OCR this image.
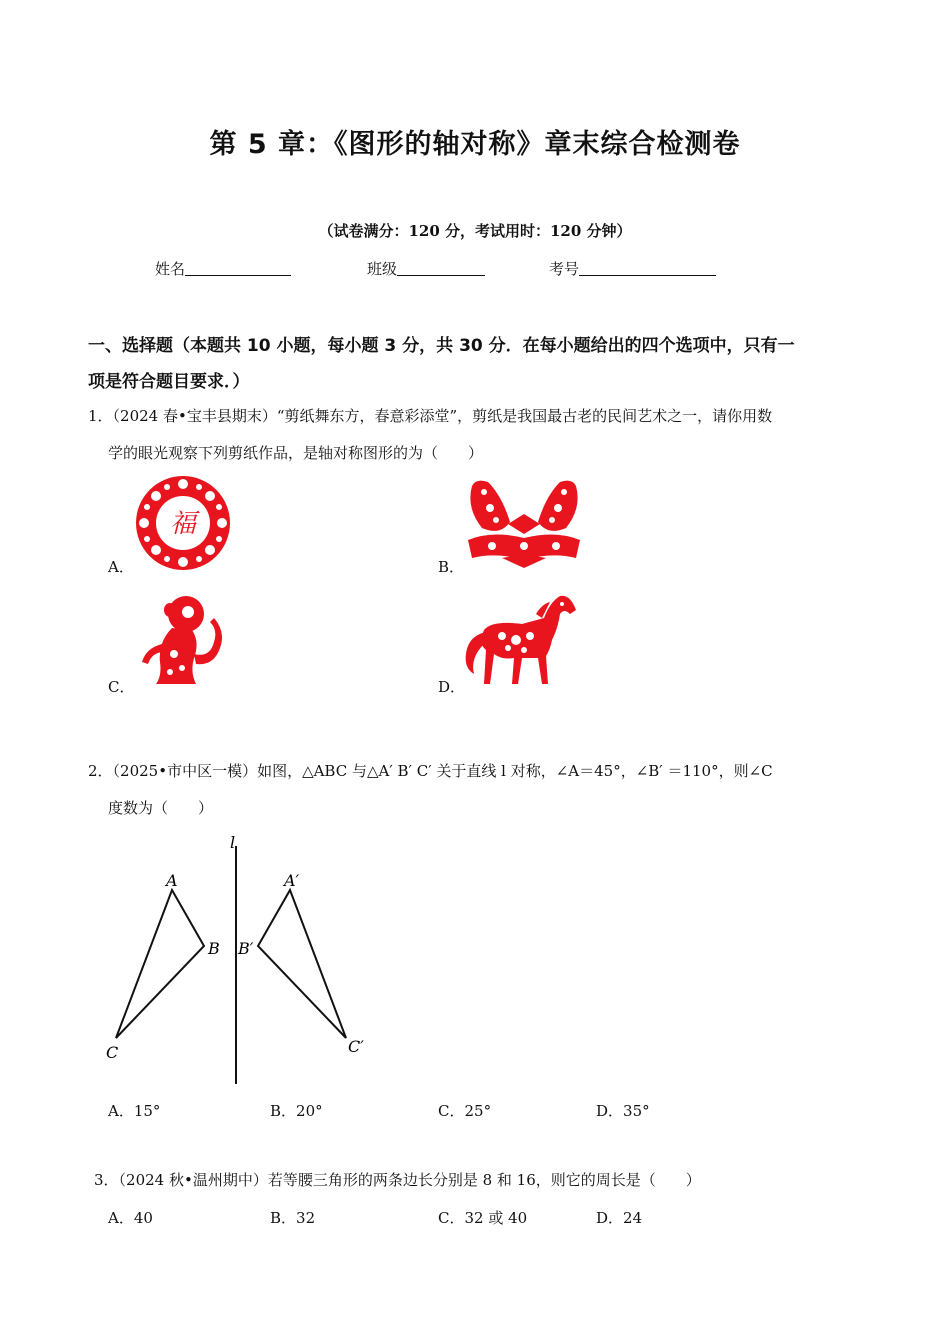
第 5 章：《图形的轴对称》章末综合检测卷
（试卷满分：120 分，考试用时：120 分钟）
姓名	班级	考号
一、选择题（本题共 10 小题，每小题 3 分，共 30 分．在每小题给出的四个选项中，只有一
项是符合题目要求．）
1．（2024 春•宝丰县期末）“剪纸舞东方，春意彩添堂”，剪纸是我国最古老的民间艺术之一，请你用数
学的眼光观察下列剪纸作品，是轴对称图形的为（　　）
A．
福
B．
C．	D．
2．（2025•市中区一模）如图，△ABC 与△A′ B′ C′ 关于直线 l 对称，∠A＝45°，∠B′ ＝110°，则∠C
度数为（　　）
l
A
B
C
A′
B′
C′
A．15°	B．20°	C．25°	D．35°
3．（2024 秋•温州期中）若等腰三角形的两条边长分别是 8 和 16，则它的周长是（　　）
A．40	B．32	C．32 或 40	D．24
